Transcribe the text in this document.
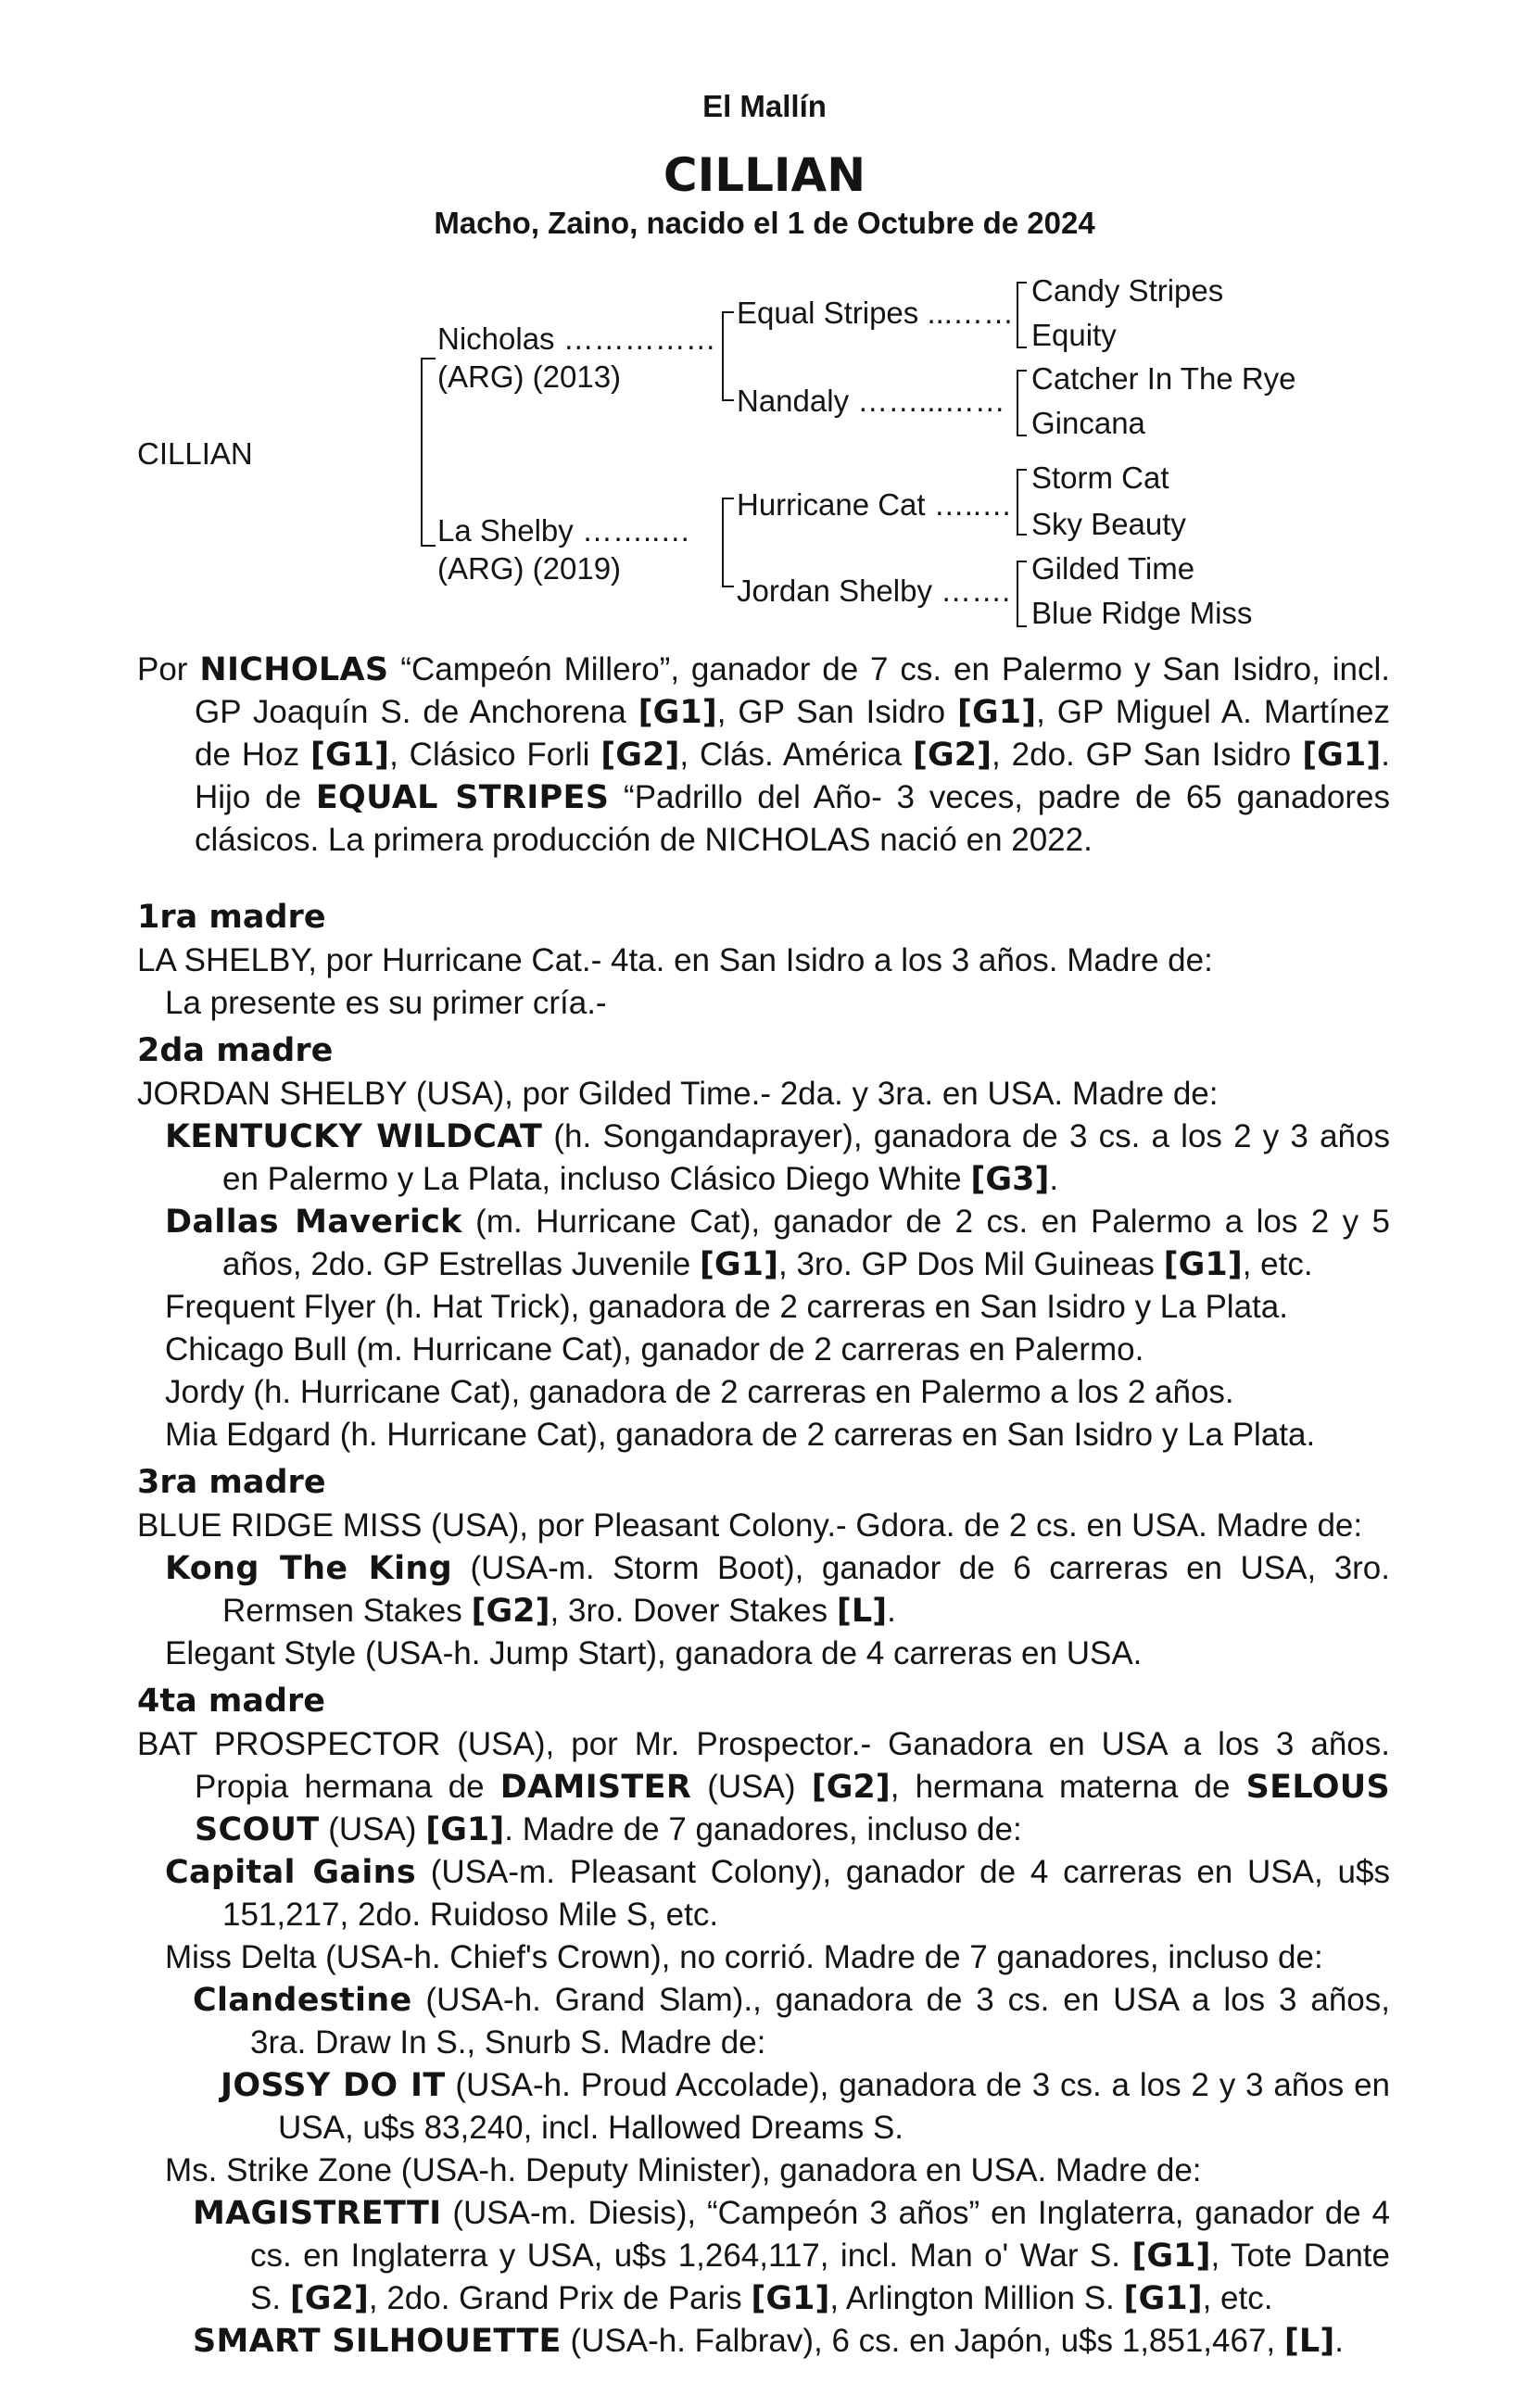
El Mallín
CILLIAN
Macho, Zaino, nacido el 1 de Octubre de 2024
CILLIAN
Nicholas ……………
(ARG) (2013)
La Shelby ……..…
(ARG) (2019)
Equal Stripes ...……
Nandaly ……...……
Hurricane Cat …..…
Jordan Shelby …….
Candy Stripes
Equity
Catcher In The Rye
Gincana
Storm Cat
Sky Beauty
Gilded Time
Blue Ridge Miss

Por NICHOLAS “Campeón Millero”, ganador de 7 cs. en Palermo y San Isidro, incl. GP Joaquín S. de Anchorena [G1], GP San Isidro [G1], GP Miguel A. Martínez de Hoz [G1], Clásico Forli [G2], Clás. América [G2], 2do. GP San Isidro [G1]. Hijo de EQUAL STRIPES “Padrillo del Año- 3 veces, padre de 65 ganadores clásicos. La primera producción de NICHOLAS nació en 2022.

1ra madre

LA SHELBY, por Hurricane Cat.- 4ta. en San Isidro a los 3 años. Madre de:

La presente es su primer cría.-

2da madre

JORDAN SHELBY (USA), por Gilded Time.- 2da. y 3ra. en USA. Madre de:

KENTUCKY WILDCAT (h. Songandaprayer), ganadora de 3 cs. a los 2 y 3 años en Palermo y La Plata, incluso Clásico Diego White [G3].

Dallas Maverick (m. Hurricane Cat), ganador de 2 cs. en Palermo a los 2 y 5 años, 2do. GP Estrellas Juvenile [G1], 3ro. GP Dos Mil Guineas [G1], etc.

Frequent Flyer (h. Hat Trick), ganadora de 2 carreras en San Isidro y La Plata.

Chicago Bull (m. Hurricane Cat), ganador de 2 carreras en Palermo.

Jordy (h. Hurricane Cat), ganadora de 2 carreras en Palermo a los 2 años.

Mia Edgard (h. Hurricane Cat), ganadora de 2 carreras en San Isidro y La Plata.

3ra madre

BLUE RIDGE MISS (USA), por Pleasant Colony.- Gdora. de 2 cs. en USA. Madre de:

Kong The King (USA-m. Storm Boot), ganador de 6 carreras en USA, 3ro. Rermsen Stakes [G2], 3ro. Dover Stakes [L].

Elegant Style (USA-h. Jump Start), ganadora de 4 carreras en USA.

4ta madre

BAT PROSPECTOR (USA), por Mr. Prospector.- Ganadora en USA a los 3 años. Propia hermana de DAMISTER (USA) [G2], hermana materna de SELOUS SCOUT (USA) [G1]. Madre de 7 ganadores, incluso de:

Capital Gains (USA-m. Pleasant Colony), ganador de 4 carreras en USA, u$s 151,217, 2do. Ruidoso Mile S, etc.

Miss Delta (USA-h. Chief's Crown), no corrió. Madre de 7 ganadores, incluso de:

Clandestine (USA-h. Grand Slam)., ganadora de 3 cs. en USA a los 3 años, 3ra. Draw In S., Snurb S. Madre de:

JOSSY DO IT (USA-h. Proud Accolade), ganadora de 3 cs. a los 2 y 3 años en USA, u$s 83,240, incl. Hallowed Dreams S.

Ms. Strike Zone (USA-h. Deputy Minister), ganadora en USA. Madre de:

MAGISTRETTI (USA-m. Diesis), “Campeón 3 años” en Inglaterra, ganador de 4 cs. en Inglaterra y USA, u$s 1,264,117, incl. Man o' War S. [G1], Tote Dante S. [G2], 2do. Grand Prix de Paris [G1], Arlington Million S. [G1], etc.

SMART SILHOUETTE (USA-h. Falbrav), 6 cs. en Japón, u$s 1,851,467, [L].
